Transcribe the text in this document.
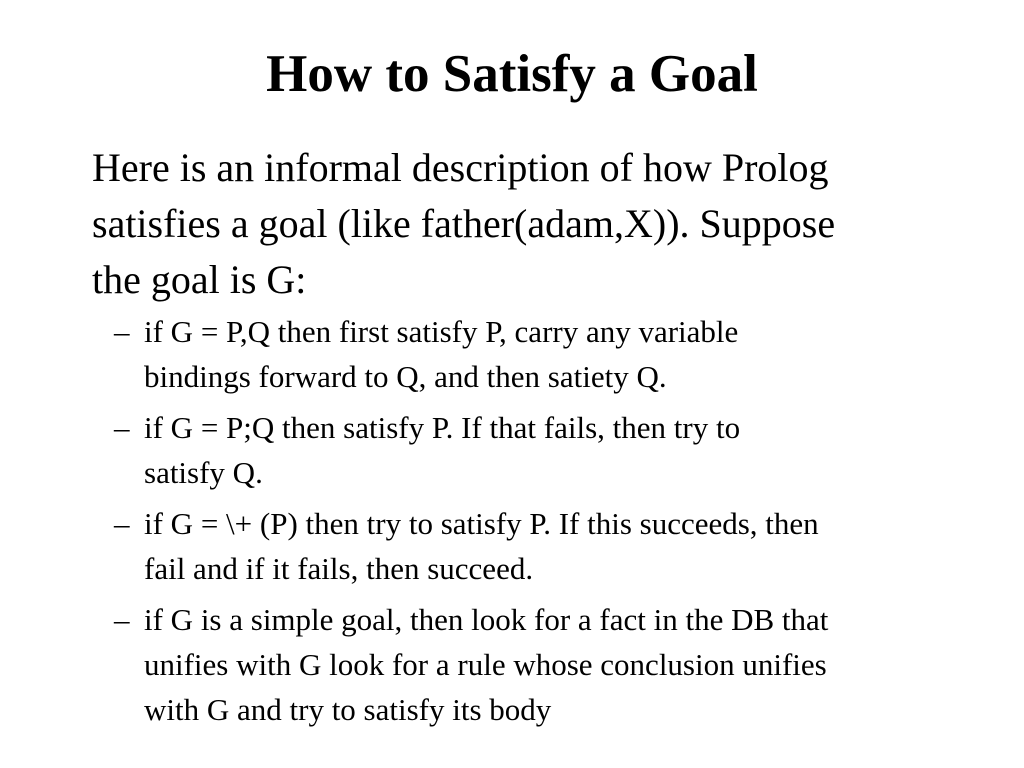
How to Satisfy a Goal

Here is an informal description of how Prolog
satisfies a goal (like father(adam,X)). Suppose
the goal is G:

– if G = P,Q then first satisfy P, carry any variable
bindings forward to Q, and then satiety Q.
– if G = P;Q then satisfy P. If that fails, then try to
satisfy Q.
– if G = \+ (P) then try to satisfy P. If this succeeds, then
fail and if it fails, then succeed.
– if G is a simple goal, then look for a fact in the DB that
unifies with G look for a rule whose conclusion unifies
with G and try to satisfy its body
